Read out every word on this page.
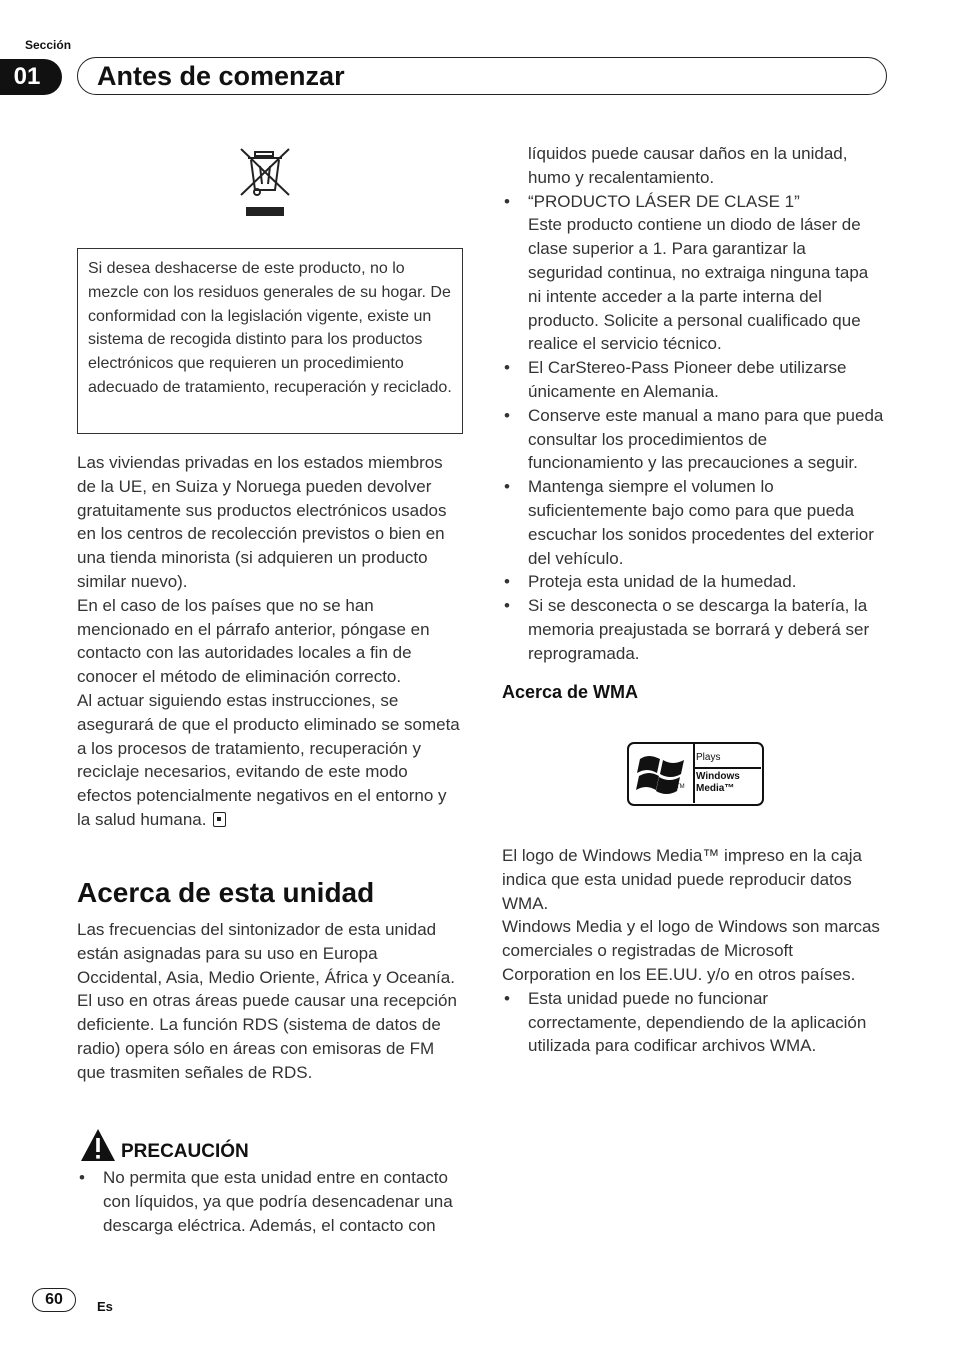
Sección
01	Antes de comenzar

Si desea deshacerse de este producto, no lo mezcle con los residuos generales de su hogar. De conformidad con la legislación vigente, existe un sistema de recogida distinto para los productos electrónicos que requieren un procedimiento adecuado de tratamiento, recuperación y reciclado.

Las viviendas privadas en los estados miembros de la UE, en Suiza y Noruega pueden devolver gratuitamente sus productos electrónicos usados en los centros de recolección previstos o bien en una tienda minorista (si adquieren un producto similar nuevo).

En el caso de los países que no se han mencionado en el párrafo anterior, póngase en contacto con las autoridades locales a fin de conocer el método de eliminación correcto.

Al actuar siguiendo estas instrucciones, se asegurará de que el producto eliminado se someta a los procesos de tratamiento, recuperación y reciclaje necesarios, evitando de este modo efectos potencialmente negativos en el entorno y la salud humana.

Acerca de esta unidad

Las frecuencias del sintonizador de esta unidad están asignadas para su uso en Europa Occidental, Asia, Medio Oriente, África y Oceanía. El uso en otras áreas puede causar una recepción deficiente. La función RDS (sistema de datos de radio) opera sólo en áreas con emisoras de FM que trasmiten señales de RDS.

PRECAUCIÓN
• No permita que esta unidad entre en contacto con líquidos, ya que podría desencadenar una descarga eléctrica. Además, el contacto con

líquidos puede causar daños en la unidad, humo y recalentamiento.

• “PRODUCTO LÁSER DE CLASE 1”
Este producto contiene un diodo de láser de clase superior a 1. Para garantizar la seguridad continua, no extraiga ninguna tapa ni intente acceder a la parte interna del producto. Solicite a personal cualificado que realice el servicio técnico.
• El CarStereo-Pass Pioneer debe utilizarse únicamente en Alemania.
• Conserve este manual a mano para que pueda consultar los procedimientos de funcionamiento y las precauciones a seguir.
• Mantenga siempre el volumen lo suficientemente bajo como para que pueda escuchar los sonidos procedentes del exterior del vehículo.
• Proteja esta unidad de la humedad.
• Si se desconecta o se descarga la batería, la memoria preajustada se borrará y deberá ser reprogramada.
Acerca de WMA
TM
Plays
Windows
Media™

El logo de Windows Media™ impreso en la caja indica que esta unidad puede reproducir datos WMA.

Windows Media y el logo de Windows son marcas comerciales o registradas de Microsoft Corporation en los EE.UU. y/o en otros países.

• Esta unidad puede no funcionar correctamente, dependiendo de la aplicación utilizada para codificar archivos WMA.
60	Es
